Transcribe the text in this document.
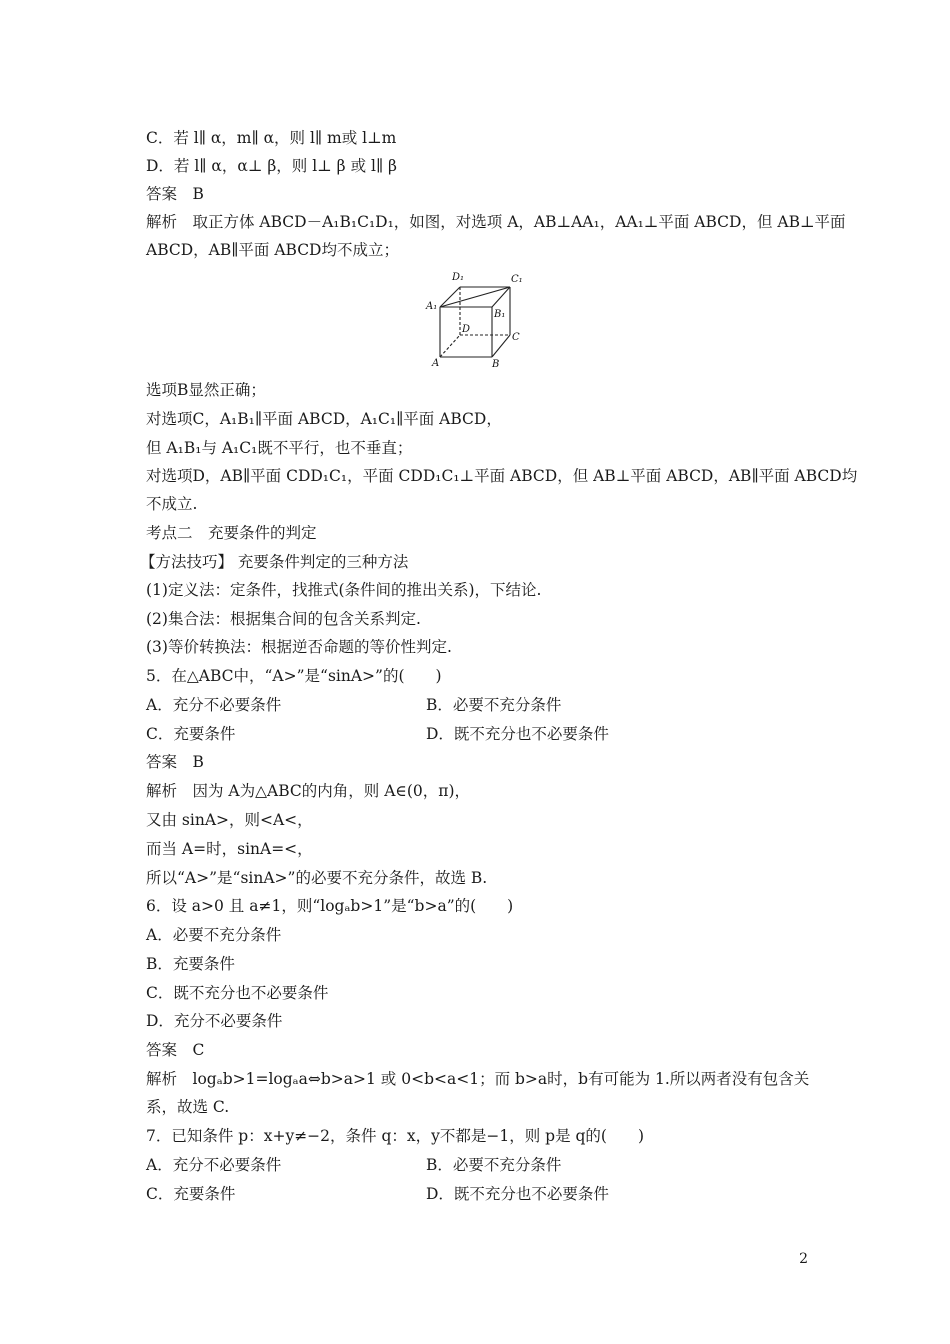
C．若 l∥ α，m∥ α，则 l∥ m或 l⊥m
D．若 l∥ α，α⊥ β，则 l⊥ β 或 l∥ β
答案　B
解析　取正方体 ABCD－A₁B₁C₁D₁，如图，对选项 A，AB⊥AA₁，AA₁⊥平面 ABCD，但 AB⊥平面
ABCD，AB∥平面 ABCD均不成立；
D₁	C₁
A₁
B₁
D
C
A	B
选项B显然正确；
对选项C，A₁B₁∥平面 ABCD，A₁C₁∥平面 ABCD，
但 A₁B₁与 A₁C₁既不平行，也不垂直；
对选项D，AB∥平面 CDD₁C₁，平面 CDD₁C₁⊥平面 ABCD，但 AB⊥平面 ABCD，AB∥平面 ABCD均
不成立.
考点二　充要条件的判定
【方法技巧】 充要条件判定的三种方法
(1)定义法：定条件，找推式(条件间的推出关系)，下结论.
(2)集合法：根据集合间的包含关系判定.
(3)等价转换法：根据逆否命题的等价性判定.
5．在△ABC中，“A>”是“sinA>”的(　　)
A．充分不必要条件	B．必要不充分条件
C．充要条件	D．既不充分也不必要条件
答案　B
解析　因为 A为△ABC的内角，则 A∈(0，π)，
又由 sinA>，则<A<，
而当 A=时，sinA=<，
所以“A>”是“sinA>”的必要不充分条件，故选 B.
6．设 a>0 且 a≠1，则“logₐb>1”是“b>a”的(　　)
A．必要不充分条件
B．充要条件
C．既不充分也不必要条件
D．充分不必要条件
答案　C
解析　logₐb>1=logₐa⇔b>a>1 或 0<b<a<1；而 b>a时，b有可能为 1.所以两者没有包含关
系，故选 C.
7．已知条件 p：x+y≠−2，条件 q：x，y不都是−1，则 p是 q的(　　)
A．充分不必要条件	B．必要不充分条件
C．充要条件	D．既不充分也不必要条件
2
